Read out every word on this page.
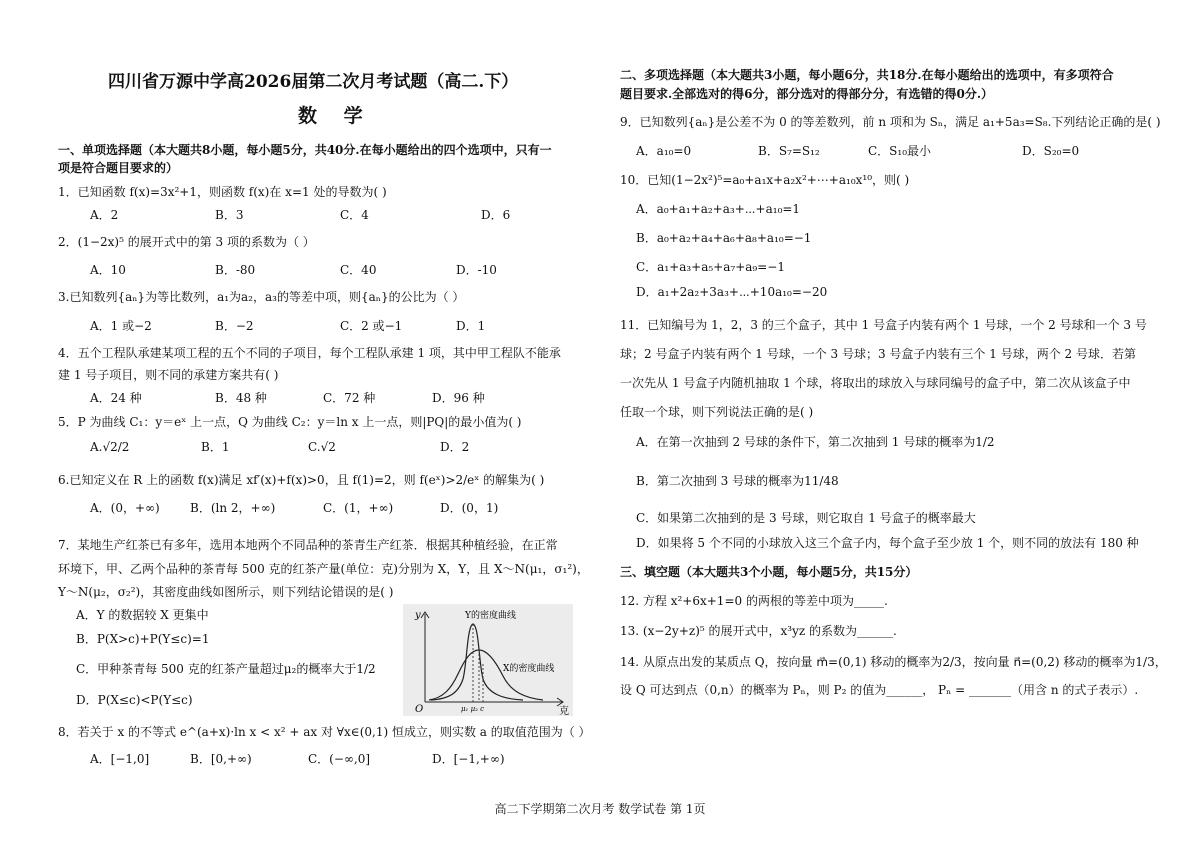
四川省万源中学高2026届第二次月考试题（高二.下）
数 学
一、单项选择题（本大题共8小题，每小题5分，共40分.在每小题给出的四个选项中，只有一
项是符合题目要求的）
1．已知函数 f(x)=3x²+1，则函数 f(x)在 x=1 处的导数为( )
A．2	B．3	C．4	D．6
2．(1−2x)⁵ 的展开式中的第 3 项的系数为（ ）
A．10	B．-80	C．40	D．-10
3.已知数列{aₙ}为等比数列，a₁为a₂，a₃的等差中项，则{aₙ}的公比为（ ）
A．1 或−2	B．−2	C．2 或−1	D．1
4．五个工程队承建某项工程的五个不同的子项目，每个工程队承建 1 项，其中甲工程队不能承
建 1 号子项目，则不同的承建方案共有( )
A．24 种	B．48 种	C．72 种	D．96 种
5．P 为曲线 C₁：y＝eˣ 上一点，Q 为曲线 C₂：y＝ln x 上一点，则|PQ|的最小值为( )
A.√2/2	B．1	C.√2	D．2
6.已知定义在 R 上的函数 f(x)满足 xf′(x)+f(x)>0，且 f(1)=2，则 f(eˣ)>2/eˣ 的解集为( )
A．(0，+∞)	B．(ln 2，+∞)	C．(1，+∞)	D．(0，1)
7．某地生产红茶已有多年，选用本地两个不同品种的茶青生产红茶．根据其种植经验，在正常
环境下，甲、乙两个品种的茶青每 500 克的红茶产量(单位：克)分别为 X，Y，且 X～N(μ₁，σ₁²)，
Y～N(μ₂，σ₂²)，其密度曲线如图所示，则下列结论错误的是( )
A．Y 的数据较 X 更集中
B．P(X>c)+P(Y≤c)=1
C．甲种茶青每 500 克的红茶产量超过μ₂的概率大于1/2
D．P(X≤c)<P(Y≤c)
y
O	克
Y的密度曲线
X的密度曲线
μ₁ μ₂ c
8．若关于 x 的不等式 e^(a+x)·ln x < x² + ax 对 ∀x∈(0,1) 恒成立，则实数 a 的取值范围为（ ）
A．[−1,0]	B．[0,+∞)	C．(−∞,0]	D．[−1,+∞)
二、多项选择题（本大题共3小题，每小题6分，共18分.在每小题给出的选项中，有多项符合
题目要求.全部选对的得6分，部分选对的得部分分，有选错的得0分.）
9．已知数列{aₙ}是公差不为 0 的等差数列，前 n 项和为 Sₙ，满足 a₁+5a₃=S₈.下列结论正确的是( )
A．a₁₀=0	B．S₇=S₁₂	C．S₁₀最小	D．S₂₀=0
10．已知(1−2x²)⁵=a₀+a₁x+a₂x²+⋯+a₁₀x¹⁰，则( )
A．a₀+a₁+a₂+a₃+⋯+a₁₀=1
B．a₀+a₂+a₄+a₆+a₈+a₁₀=−1
C．a₁+a₃+a₅+a₇+a₉=−1
D．a₁+2a₂+3a₃+⋯+10a₁₀=−20
11．已知编号为 1，2，3 的三个盒子，其中 1 号盒子内装有两个 1 号球，一个 2 号球和一个 3 号
球；2 号盒子内装有两个 1 号球，一个 3 号球；3 号盒子内装有三个 1 号球，两个 2 号球．若第
一次先从 1 号盒子内随机抽取 1 个球，将取出的球放入与球同编号的盒子中，第二次从该盒子中
任取一个球，则下列说法正确的是( )
A．在第一次抽到 2 号球的条件下，第二次抽到 1 号球的概率为1/2
B．第二次抽到 3 号球的概率为11/48
C．如果第二次抽到的是 3 号球，则它取自 1 号盒子的概率最大
D．如果将 5 个不同的小球放入这三个盒子内，每个盒子至少放 1 个，则不同的放法有 180 种
三、填空题（本大题共3个小题，每小题5分，共15分）
12. 方程 x²+6x+1=0 的两根的等差中项为_____.
13. (x−2y+z)⁵ 的展开式中，x³yz 的系数为______.
14. 从原点出发的某质点 Q，按向量 m⃗=(0,1) 移动的概率为2/3，按向量 n⃗=(0,2) 移动的概率为1/3，
设 Q 可达到点（0,n）的概率为 Pₙ，则 P₂ 的值为______， Pₙ = _______（用含 n 的式子表示）.
高二下学期第二次月考 数学试卷 第 1页
